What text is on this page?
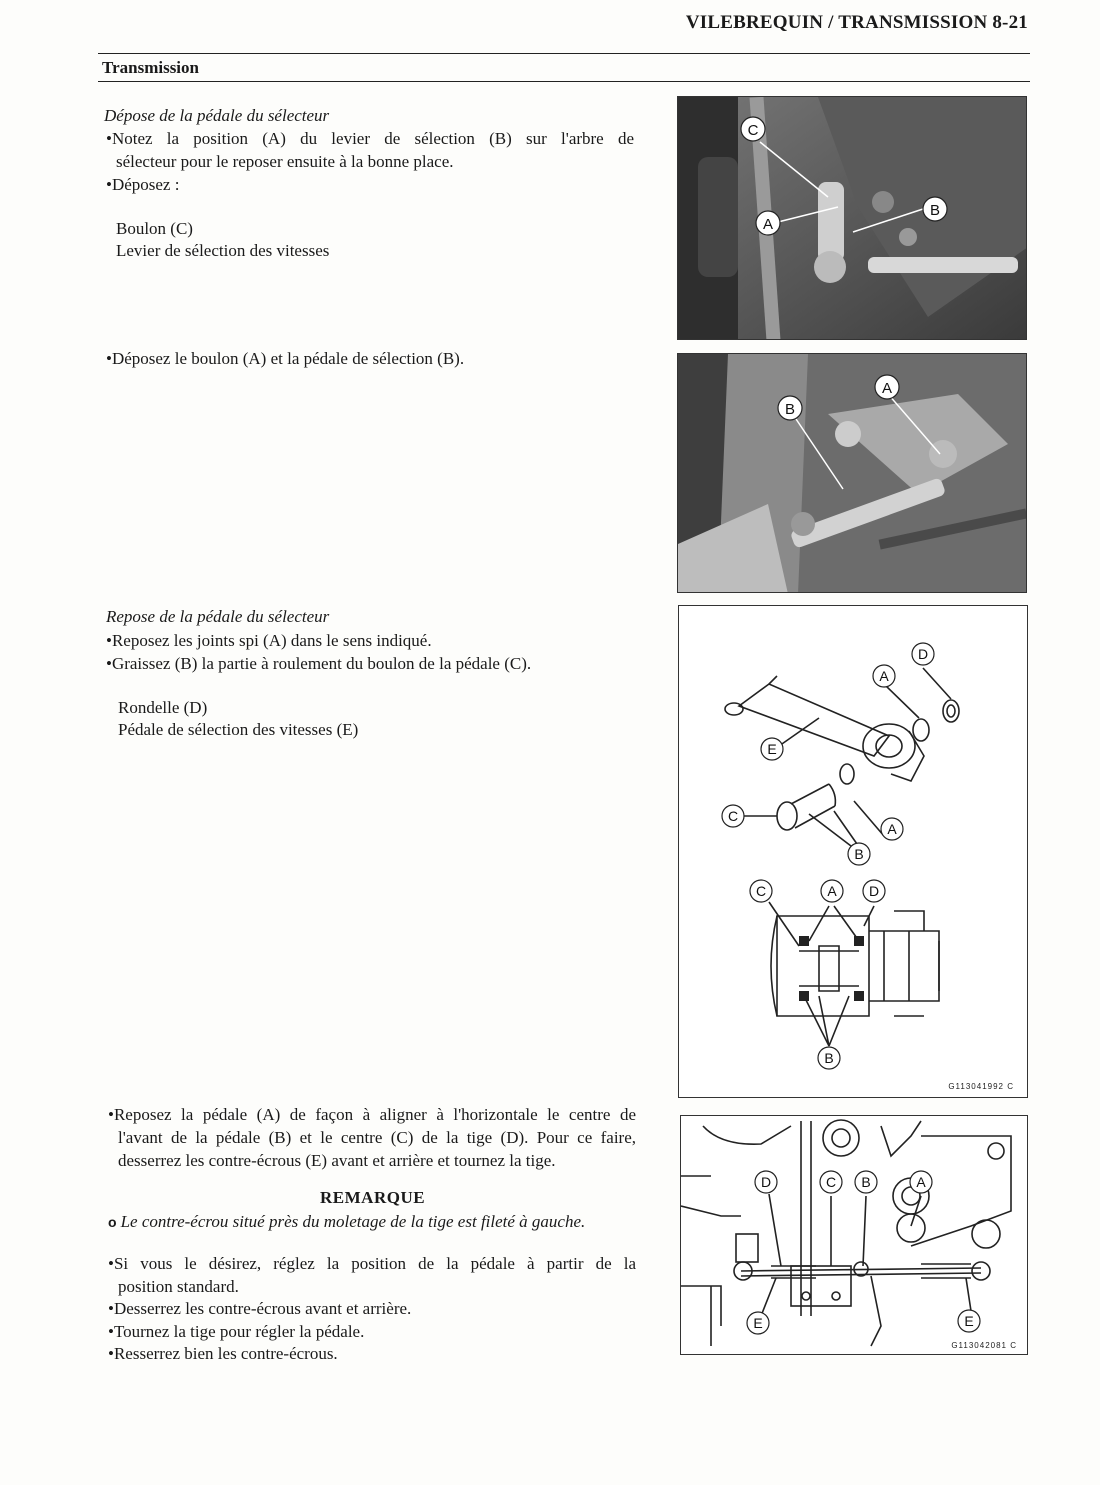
VILEBREQUIN / TRANSMISSION 8-21
Transmission
Dépose de la pédale du sélecteur
•Notez la position (A) du levier de sélection (B) sur l'arbre de
sélecteur pour le reposer ensuite à la bonne place.
•Déposez :
Boulon (C)
Levier de sélection des vitesses
•Déposez le boulon (A) et la pédale de sélection (B).
Repose de la pédale du sélecteur
•Reposez les joints spi (A) dans le sens indiqué.
•Graissez (B) la partie à roulement du boulon de la pédale (C).
Rondelle (D)
Pédale de sélection des vitesses (E)
•Reposez la pédale (A) de façon à aligner à l'horizontale le centre de
l'avant de la pédale (B) et le centre (C) de la tige (D). Pour ce faire,
desserrez les contre-écrous (E) avant et arrière et tournez la tige.
REMARQUE
o Le contre-écrou situé près du moletage de la tige est fileté à gauche.
•Si vous le désirez, réglez la position de la pédale à partir de la
position standard.
•Desserrez les contre-écrous avant et arrière.
•Tournez la tige pour régler la pédale.
•Resserrez bien les contre-écrous.
C
A
B
A
B
D
A
E
C
A
B
C	A D
B
G113041992 C
D	C B	A
E	E
G113042081 C
